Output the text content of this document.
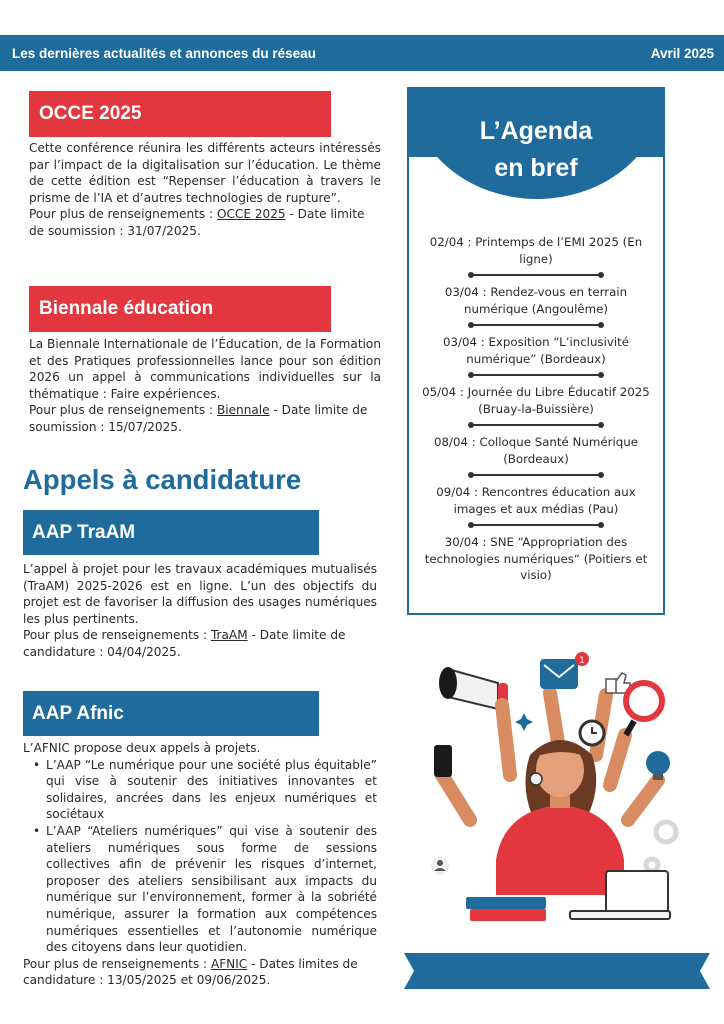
Les dernières actualités et annonces du réseau	Avril 2025
OCCE 2025

Cette conférence réunira les différents acteurs intéressés par l’impact de la digitalisation sur l’éducation. Le thème de cette édition est “Repenser l’éducation à travers le prisme de l’IA et d’autres technologies de rupture”.

Pour plus de renseignements : OCCE 2025 - Date limite de soumission : 31/07/2025.

Biennale éducation

La Biennale Internationale de l’Éducation, de la Formation et des Pratiques professionnelles lance pour son édition 2026 un appel à communications individuelles sur la thématique : Faire expériences.

Pour plus de renseignements : Biennale - Date limite de soumission : 15/07/2025.

Appels à candidature
AAP TraAM

L’appel à projet pour les travaux académiques mutualisés (TraAM) 2025-2026 est en ligne. L’un des objectifs du projet est de favoriser la diffusion des usages numériques les plus pertinents.

Pour plus de renseignements : TraAM - Date limite de candidature : 04/04/2025.

AAP Afnic

L’AFNIC propose deux appels à projets.

• L’AAP “Le numérique pour une société plus équitable” qui vise à soutenir des initiatives innovantes et solidaires, ancrées dans les enjeux numériques et sociétaux
• L’AAP “Ateliers numériques” qui vise à soutenir des ateliers numériques sous forme de sessions collectives afin de prévenir les risques d’internet, proposer des ateliers sensibilisant aux impacts du numérique sur l’environnement, former à la sobriété numérique, assurer la formation aux compétences numériques essentielles et l’autonomie numérique des citoyens dans leur quotidien.

Pour plus de renseignements : AFNIC - Dates limites de candidature : 13/05/2025 et 09/06/2025.

L’Agenda
en bref
02/04 : Printemps de l’EMI 2025 (En ligne)
03/04 : Rendez-vous en terrain numérique (Angoulême)
03/04 : Exposition “L’inclusivité numérique” (Bordeaux)
05/04 : Journée du Libre Éducatif 2025 (Bruay-la-Buissière)
08/04 : Colloque Santé Numérique (Bordeaux)
09/04 : Rencontres éducation aux images et aux médias (Pau)
30/04 : SNE “Appropriation des technologies numériques“ (Poitiers et visio)
1
